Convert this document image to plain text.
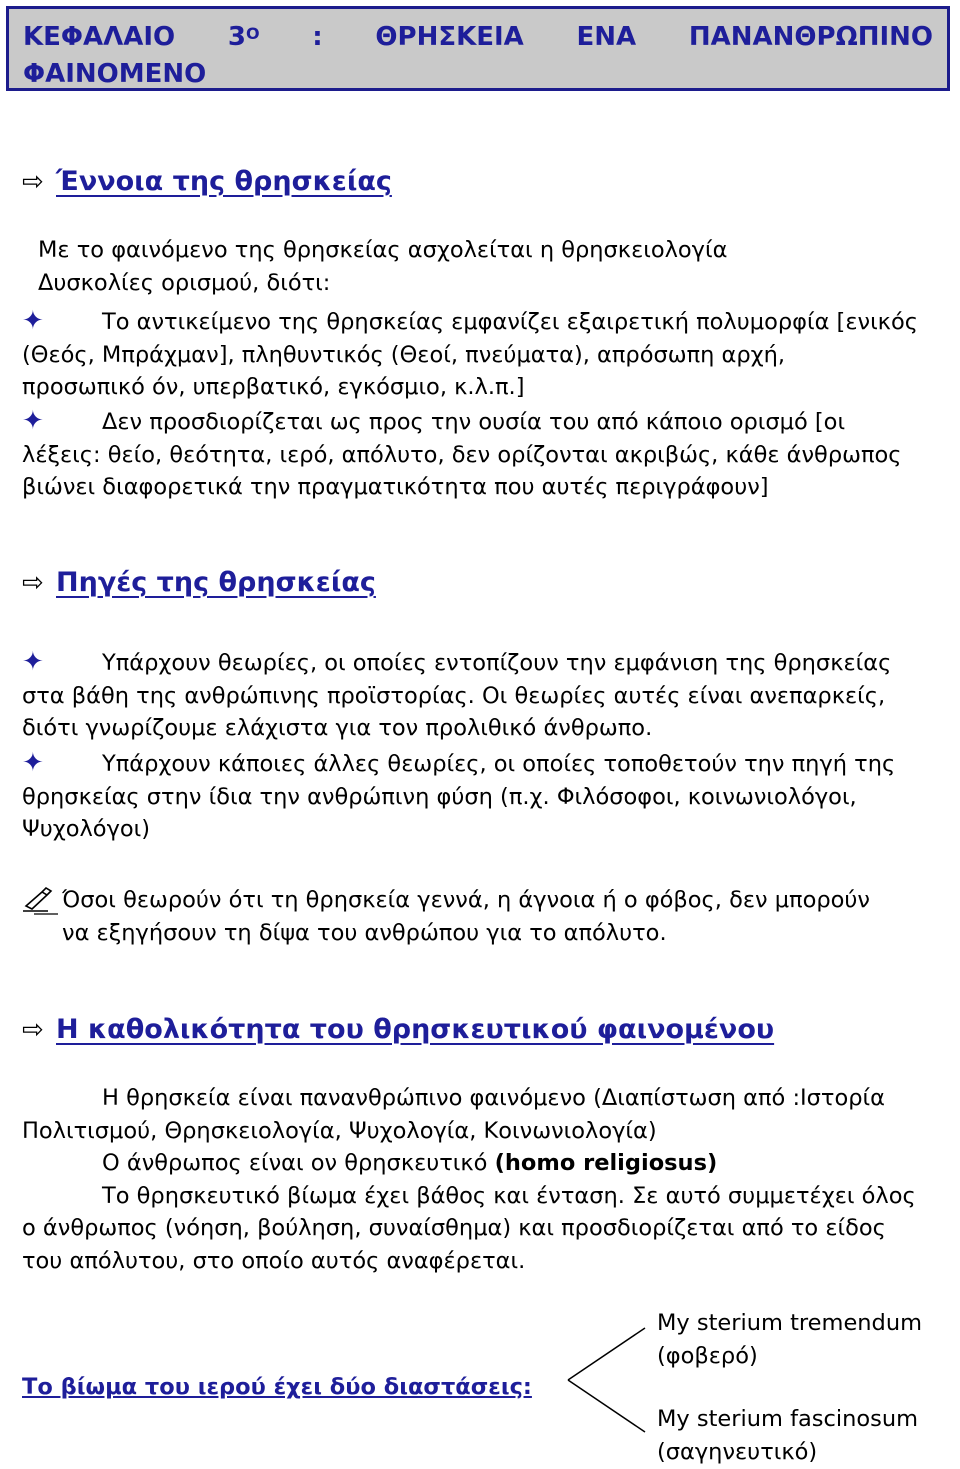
ΚΕΦΑΛΑΙΟ $3^O$ : ΘΡΗΣΚΕΙΑ ΕΝΑ ΠΑΝΑΝΘΡΩΠΙΝΟ
ΦΑΙΝΟΜΕΝΟ
⇨ Έννοια της θρησκείας
Με το φαινόμενο της θρησκείας ασχολείται η θρησκειολογία
Δυσκολίες ορισμού, διότι:
✦	Το αντικείμενο της θρησκείας εμφανίζει εξαιρετική πολυμορφία [ενικός
(Θεός, Μπράχμαν], πληθυντικός (Θεοί, πνεύματα), απρόσωπη αρχή,
προσωπικό όν, υπερβατικό, εγκόσμιο, κ.λ.π.]
✦	Δεν προσδιορίζεται ως προς την ουσία του από κάποιο ορισμό [οι
λέξεις: θείο, θεότητα, ιερό, απόλυτο, δεν ορίζονται ακριβώς, κάθε άνθρωπος
βιώνει διαφορετικά την πραγματικότητα που αυτές περιγράφουν]
⇨ Πηγές της θρησκείας
✦	Υπάρχουν θεωρίες, οι οποίες εντοπίζουν την εμφάνιση της θρησκείας
στα βάθη της ανθρώπινης προϊστορίας. Οι θεωρίες αυτές είναι ανεπαρκείς,
διότι γνωρίζουμε ελάχιστα για τον προλιθικό άνθρωπο.
✦	Υπάρχουν κάποιες άλλες θεωρίες, οι οποίες τοποθετούν την πηγή της
θρησκείας στην ίδια την ανθρώπινη φύση (π.χ. Φιλόσοφοι, κοινωνιολόγοι,
Ψυχολόγοι)
Όσοι θεωρούν ότι τη θρησκεία γεννά, η άγνοια ή ο φόβος, δεν μπορούν
να εξηγήσουν τη δίψα του ανθρώπου για το απόλυτο.
⇨ Η καθολικότητα του θρησκευτικού φαινομένου
Η θρησκεία είναι πανανθρώπινο φαινόμενο (Διαπίστωση από :Ιστορία
Πολιτισμού, Θρησκειολογία, Ψυχολογία, Κοινωνιολογία)
Ο άνθρωπος είναι ον θρησκευτικό (homo religiosus)
Το θρησκευτικό βίωμα έχει βάθος και ένταση. Σε αυτό συμμετέχει όλος
ο άνθρωπος (νόηση, βούληση, συναίσθημα) και προσδιορίζεται από το είδος
του απόλυτου, στο οποίο αυτός αναφέρεται.
Το βίωμα του ιερού έχει δύο διαστάσεις:
My sterium tremendum
(φοβερό)
My sterium fascinosum
(σαγηνευτικό)
